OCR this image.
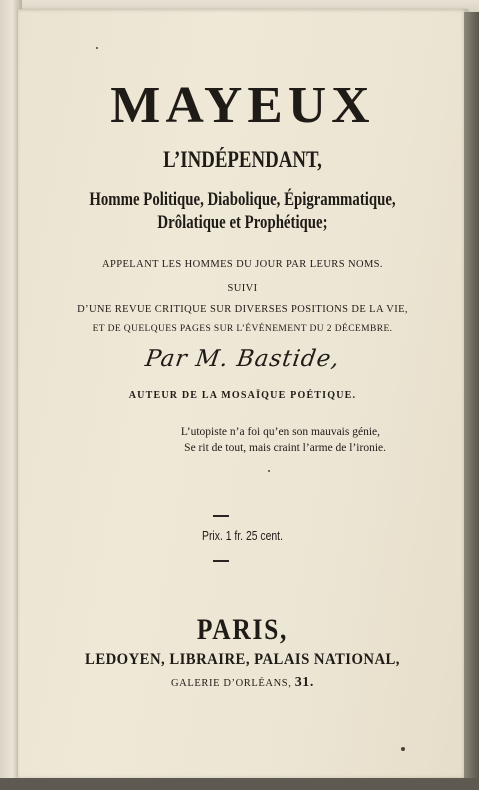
MAYEUX
L’INDÉPENDANT,
Homme Politique, Diabolique, Épigrammatique,
Drôlatique et Prophétique;
APPELANT LES HOMMES DU JOUR PAR LEURS NOMS.
SUIVI
D’UNE REVUE CRITIQUE SUR DIVERSES POSITIONS DE LA VIE,
ET DE QUELQUES PAGES SUR L’ÉVÉNEMENT DU 2 DÉCEMBRE.
Par M. Bastide,
AUTEUR DE LA MOSAÏQUE POÉTIQUE.
L’utopiste n’a foi qu’en son mauvais génie,
Se rit de tout, mais craint l’arme de l’ironie.
Prix. 1 fr. 25 cent.
PARIS,
LEDOYEN, LIBRAIRE, PALAIS NATIONAL,
GALERIE D’ORLÉANS, 31.
